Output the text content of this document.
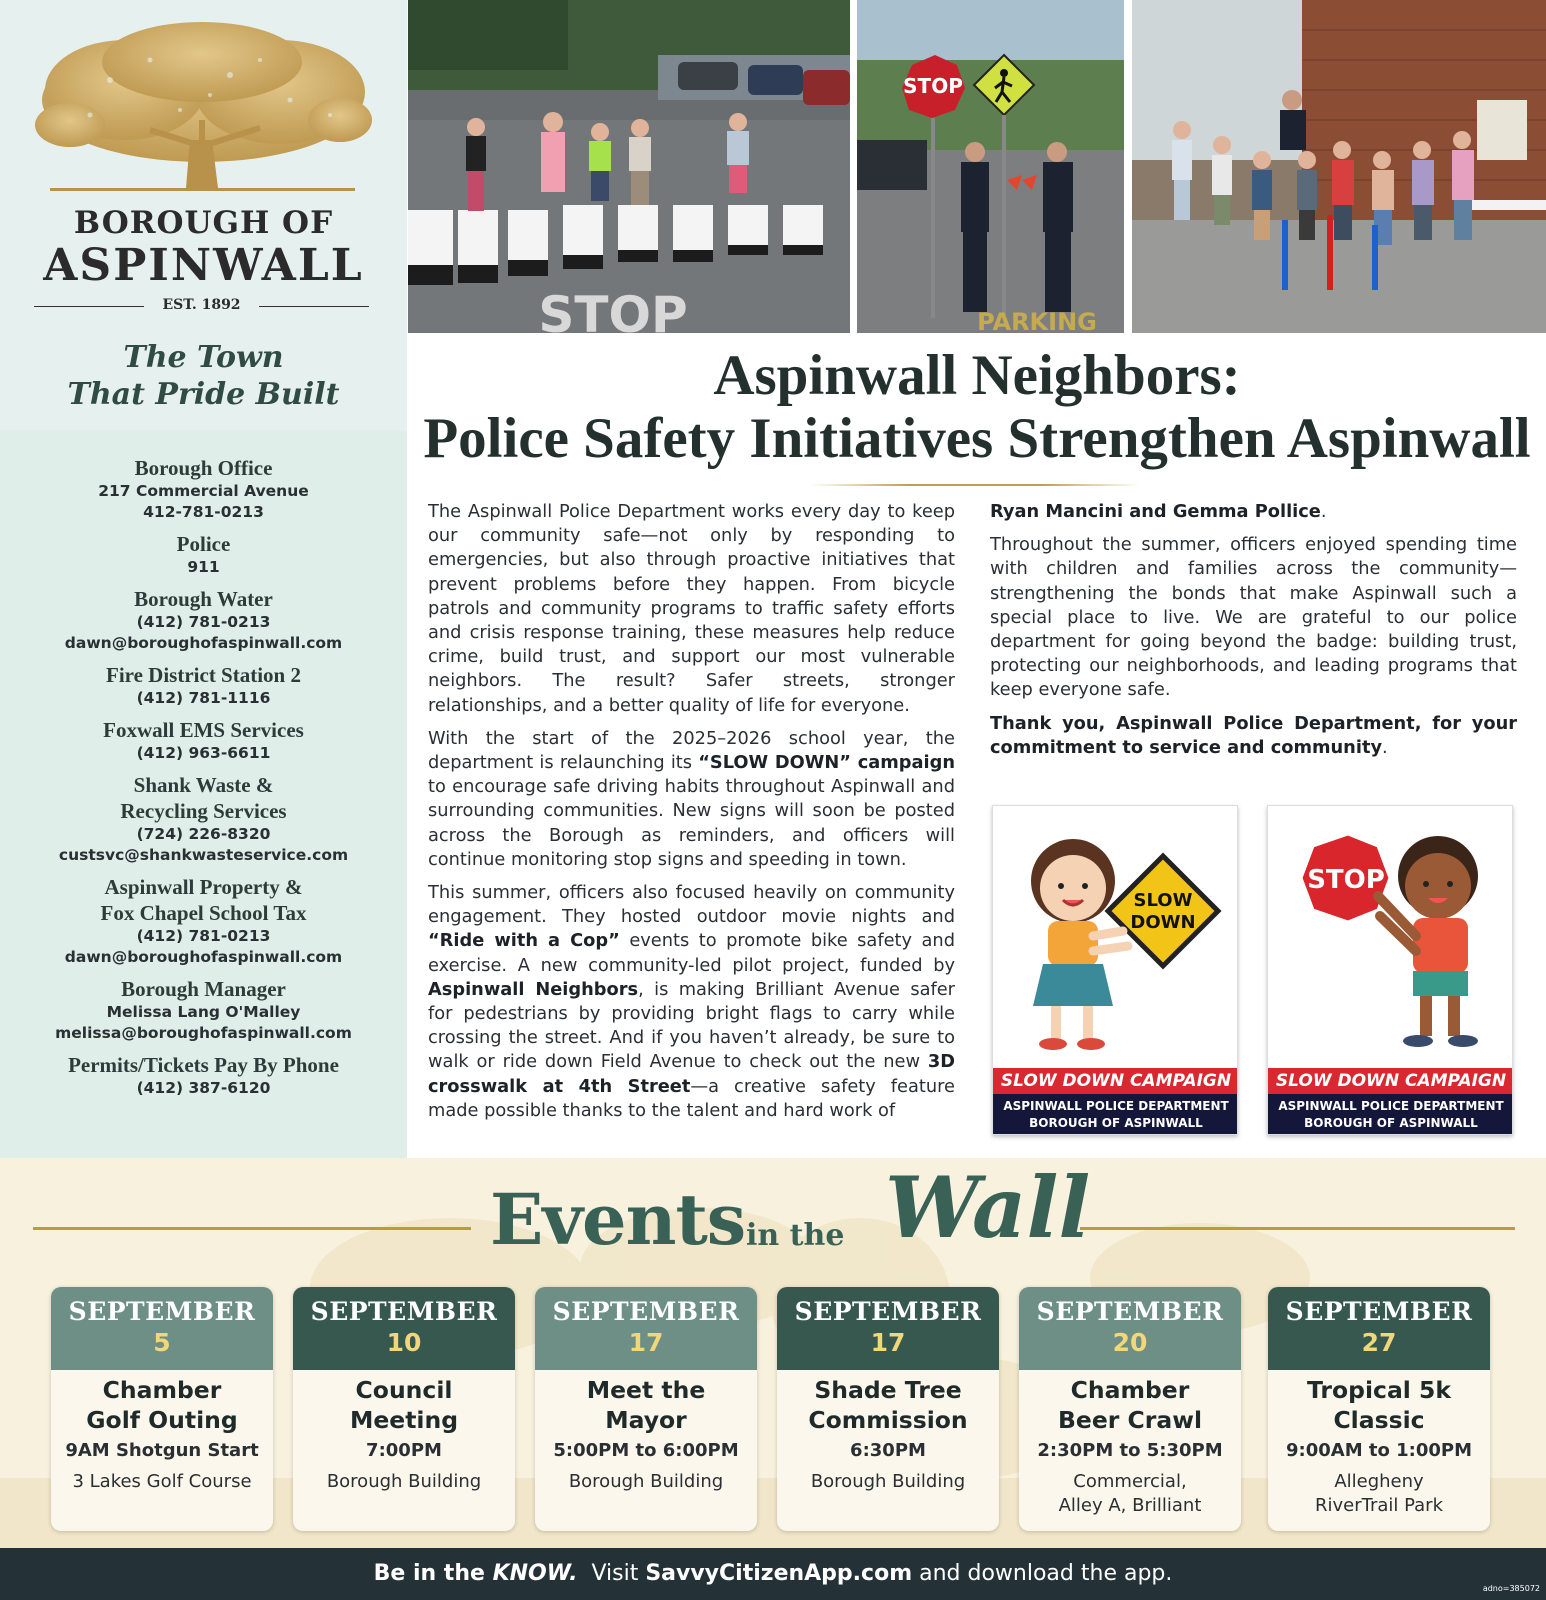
BOROUGH OF
ASPINWALL
EST. 1892
The Town
That Pride Built
Borough Office
217 Commercial Avenue
412-781-0213
Police
911
Borough Water
(412) 781-0213
dawn@boroughofaspinwall.com
Fire District Station 2
(412) 781-1116
Foxwall EMS Services
(412) 963-6611
Shank Waste &
Recycling Services
(724) 226-8320
custsvc@shankwasteservice.com
Aspinwall Property &
Fox Chapel School Tax
(412) 781-0213
dawn@boroughofaspinwall.com
Borough Manager
Melissa Lang O'Malley
melissa@boroughofaspinwall.com
Permits/Tickets Pay By Phone
(412) 387-6120
STOP
STOP
PARKING
Aspinwall Neighbors:
Police Safety Initiatives Strengthen Aspinwall

The Aspinwall Police Department works every day to keep our community safe—not only by responding to emergencies, but also through proactive initiatives that prevent problems before they happen. From bicycle patrols and community programs to traffic safety efforts and crisis response training, these measures help reduce crime, build trust, and support our most vulnerable neighbors. The result? Safer streets, stronger relationships, and a better quality of life for everyone.

With the start of the 2025–2026 school year, the department is relaunching its “SLOW DOWN” campaign to encourage safe driving habits throughout Aspinwall and surrounding communities. New signs will soon be posted across the Borough as reminders, and officers will continue monitoring stop signs and speeding in town.

This summer, officers also focused heavily on community engagement. They hosted outdoor movie nights and “Ride with a Cop” events to promote bike safety and exercise. A new community-led pilot project, funded by Aspinwall Neighbors, is making Brilliant Avenue safer for pedestrians by providing bright flags to carry while crossing the street. And if you haven’t already, be sure to walk or ride down Field Avenue to check out the new 3D crosswalk at 4th Street—a creative safety feature made possible thanks to the talent and hard work of

Ryan Mancini and Gemma Pollice.

Throughout the summer, officers enjoyed spending time with children and families across the community—strengthening the bonds that make Aspinwall such a special place to live. We are grateful to our police department for going beyond the badge: building trust, protecting our neighborhoods, and leading programs that keep everyone safe.

Thank you, Aspinwall Police Department, for your commitment to service and community.

SLOW
DOWN
SLOW DOWN CAMPAIGN
ASPINWALL POLICE DEPARTMENT
BOROUGH OF ASPINWALL
STOP
SLOW DOWN CAMPAIGN
ASPINWALL POLICE DEPARTMENT
BOROUGH OF ASPINWALL
Events in the Wall
SEPTEMBER
5
Chamber
Golf Outing
9AM Shotgun Start
3 Lakes Golf Course
SEPTEMBER
10
Council
Meeting
7:00PM
Borough Building
SEPTEMBER
17
Meet the
Mayor
5:00PM to 6:00PM
Borough Building
SEPTEMBER
17
Shade Tree
Commission
6:30PM
Borough Building
SEPTEMBER
20
Chamber
Beer Crawl
2:30PM to 5:30PM
Commercial,
Alley A, Brilliant
SEPTEMBER
27
Tropical 5k
Classic
9:00AM to 1:00PM
Allegheny
RiverTrail Park
Be in the KNOW.  Visit SavvyCitizenApp.com and download the app.
adno=385072
